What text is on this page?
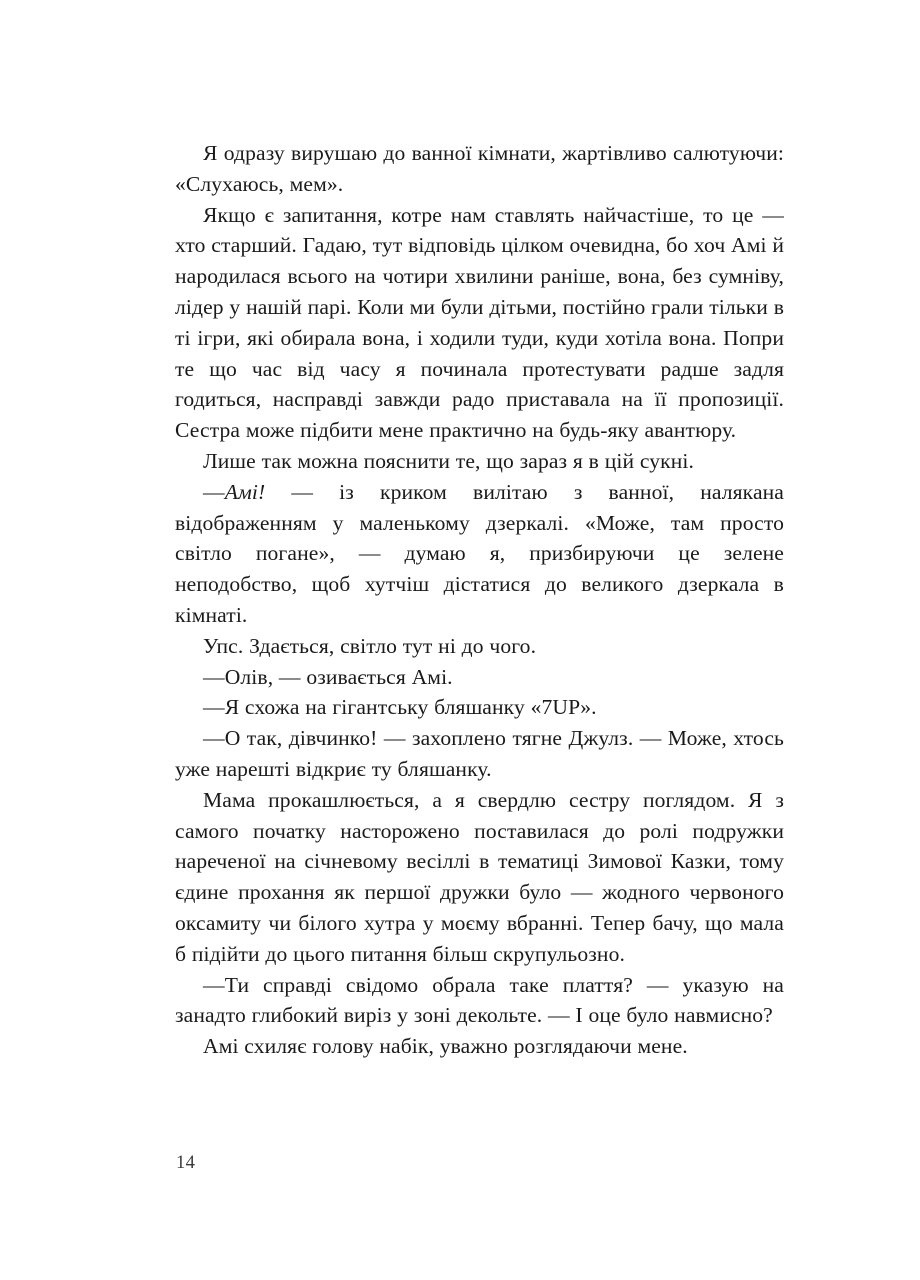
Я одразу вирушаю до ванної кімнати, жартівливо салютуючи: «Слухаюсь, мем».

Якщо є запитання, котре нам ставлять найчастіше, то це — хто старший. Гадаю, тут відповідь цілком очевидна, бо хоч Амі й народилася всього на чотири хвилини раніше, вона, без сумніву, лідер у нашій парі. Коли ми були дітьми, постійно грали тільки в ті ігри, які обирала вона, і ходили туди, куди хотіла вона. Попри те що час від часу я починала протестувати радше задля годиться, насправді завжди радо приставала на її пропозиції. Сестра може підбити мене практично на будь-яку авантюру.

Лише так можна пояснити те, що зараз я в цій сукні.

—Амі! — із криком вилітаю з ванної, налякана відображенням у маленькому дзеркалі. «Може, там просто світло погане», — думаю я, призбируючи це зелене неподобство, щоб хутчіш дістатися до великого дзеркала в кімнаті.

Упс. Здається, світло тут ні до чого.

—Олів, — озивається Амі.

—Я схожа на гігантську бляшанку «7UP».

—О так, дівчинко! — захоплено тягне Джулз. — Може, хтось уже нарешті відкриє ту бляшанку.

Мама прокашлюється, а я свердлю сестру поглядом. Я з самого початку насторожено поставилася до ролі подружки нареченої на січневому весіллі в тематиці Зимової Казки, тому єдине прохання як першої дружки було — жодного червоного оксамиту чи білого хутра у моєму вбранні. Тепер бачу, що мала б підійти до цього питання більш скрупульозно.

—Ти справді свідомо обрала таке плаття? — указую на занадто глибокий виріз у зоні декольте. — І оце було навмисно?

Амі схиляє голову набік, уважно розглядаючи мене.

14
